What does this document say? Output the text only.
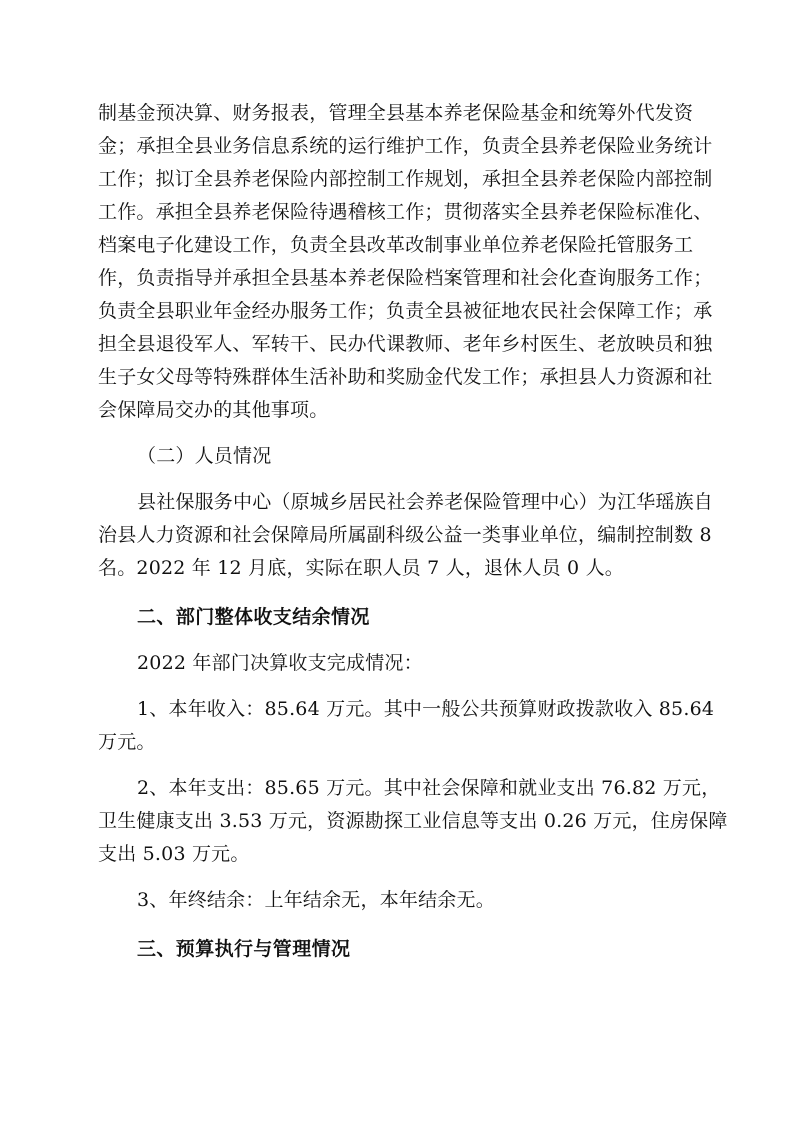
制基金预决算、财务报表，管理全县基本养老保险基金和统筹外代发资
金；承担全县业务信息系统的运行维护工作，负责全县养老保险业务统计
工作；拟订全县养老保险内部控制工作规划，承担全县养老保险内部控制
工作。承担全县养老保险待遇稽核工作；贯彻落实全县养老保险标准化、
档案电子化建设工作，负责全县改革改制事业单位养老保险托管服务工
作，负责指导并承担全县基本养老保险档案管理和社会化查询服务工作；
负责全县职业年金经办服务工作；负责全县被征地农民社会保障工作；承
担全县退役军人、军转干、民办代课教师、老年乡村医生、老放映员和独
生子女父母等特殊群体生活补助和奖励金代发工作；承担县人力资源和社
会保障局交办的其他事项。
（二）人员情况
县社保服务中心（原城乡居民社会养老保险管理中心）为江华瑶族自
治县人力资源和社会保障局所属副科级公益一类事业单位，编制控制数 8
名。2022 年 12 月底，实际在职人员 7 人，退休人员 0 人。
二、部门整体收支结余情况
2022 年部门决算收支完成情况：
1、本年收入：85.64 万元。其中一般公共预算财政拨款收入 85.64
万元。
2、本年支出：85.65 万元。其中社会保障和就业支出 76.82 万元，
卫生健康支出 3.53 万元，资源勘探工业信息等支出 0.26 万元，住房保障
支出 5.03 万元。
3、年终结余：上年结余无，本年结余无。
三、预算执行与管理情况
